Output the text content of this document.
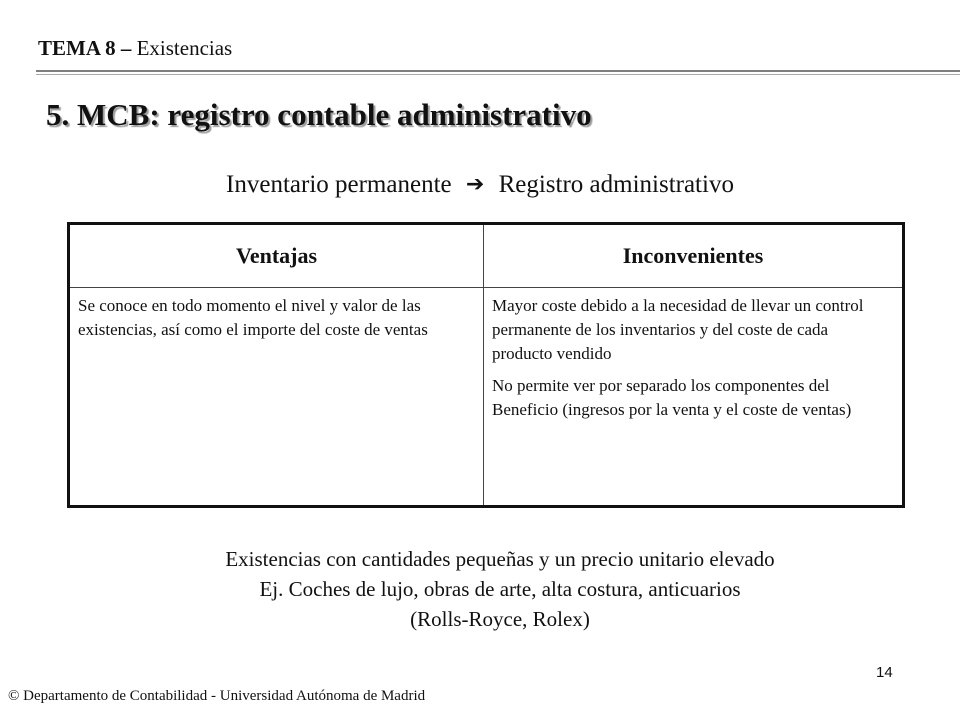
TEMA 8 – Existencias
5. MCB: registro contable administrativo
Inventario permanente ➔ Registro administrativo
Ventajas	Inconvenientes

Se conoce en todo momento el nivel y valor de las existencias, así como el importe del coste de ventas	Mayor coste debido a la necesidad de llevar un control permanente de los inventarios y del coste de cada producto vendido

No permite ver por separado los componentes del Beneficio (ingresos por la venta y el coste de ventas)

Existencias con cantidades pequeñas y un precio unitario elevado
Ej. Coches de lujo, obras de arte, alta costura, anticuarios
(Rolls-Royce, Rolex)
14
© Departamento de Contabilidad - Universidad Autónoma de Madrid
